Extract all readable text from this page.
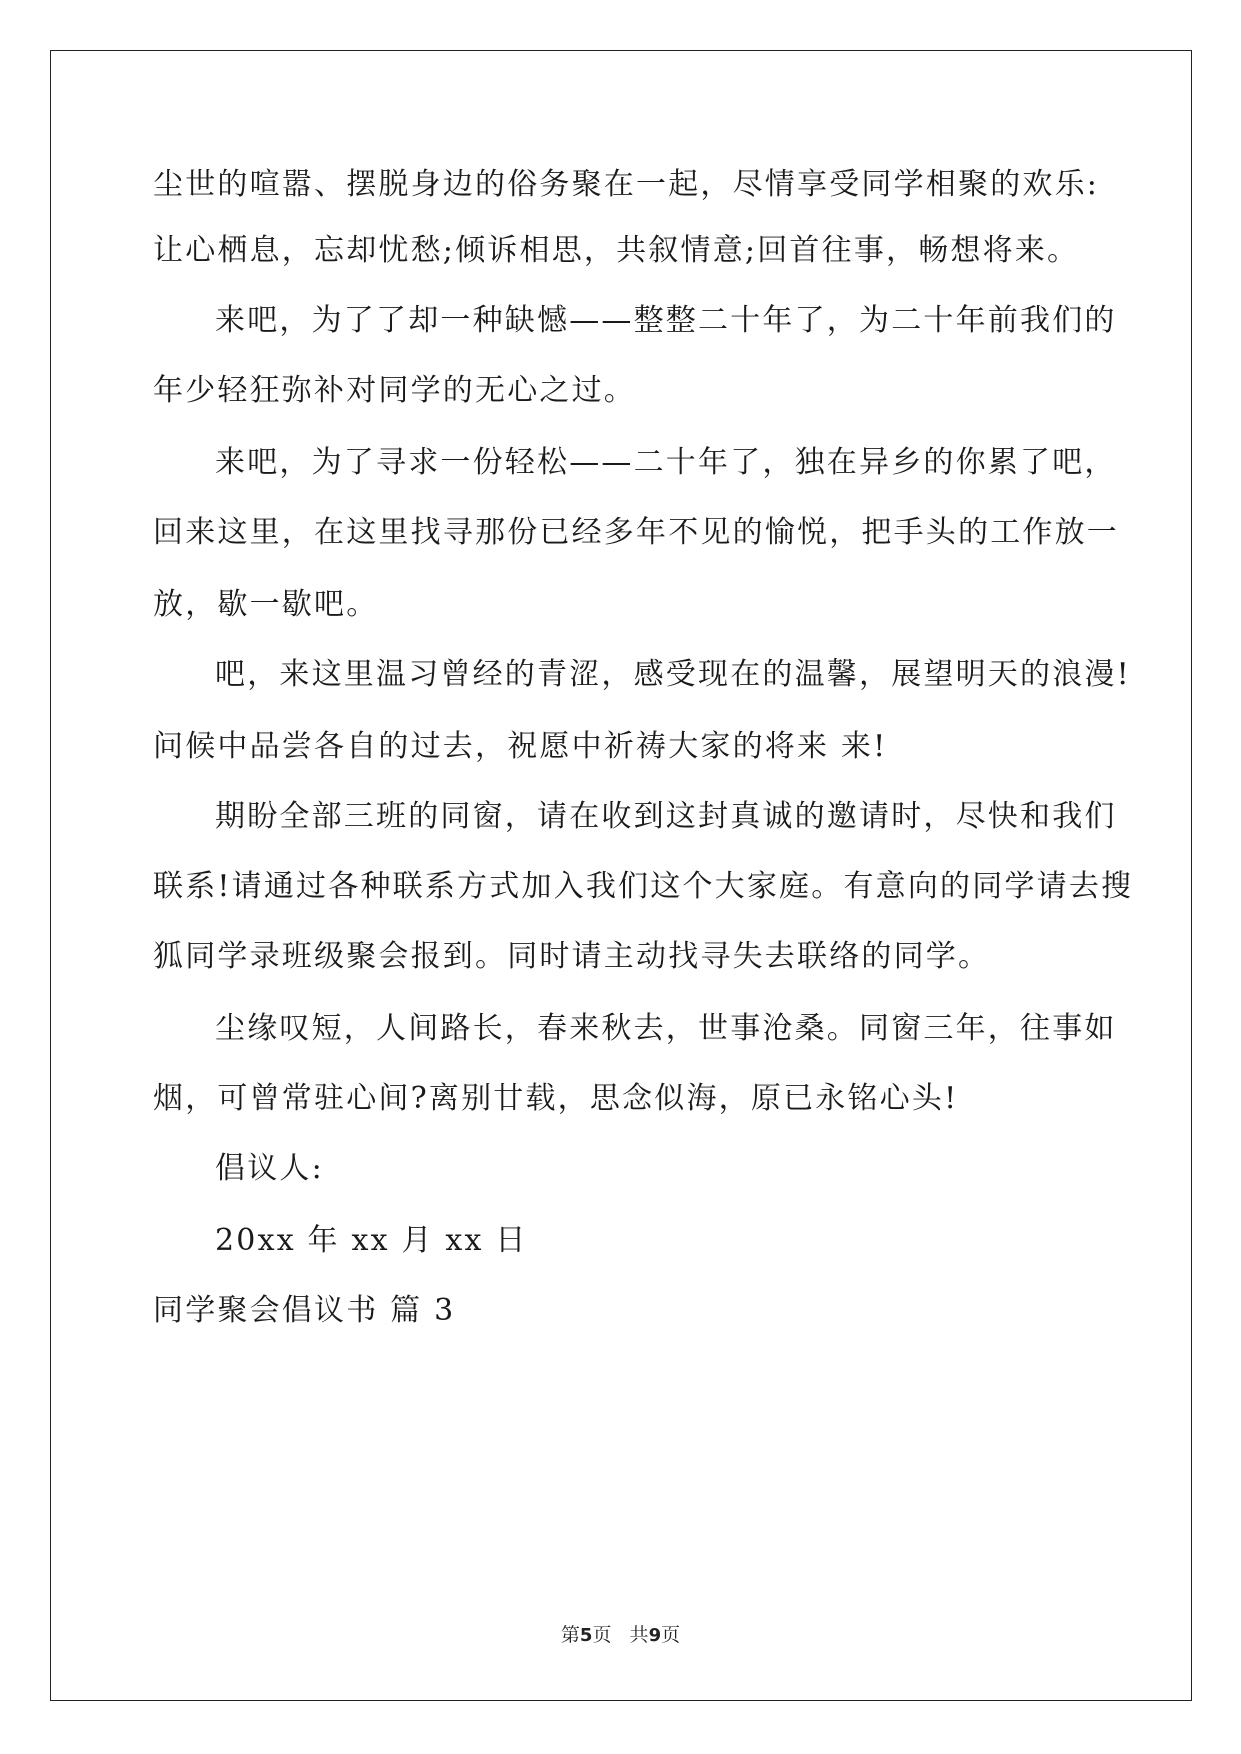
尘世的喧嚣、摆脱身边的俗务聚在一起，尽情享受同学相聚的欢乐:
让心栖息，忘却忧愁;倾诉相思，共叙情意;回首往事，畅想将来。
来吧，为了了却一种缺憾——整整二十年了，为二十年前我们的
年少轻狂弥补对同学的无心之过。
来吧，为了寻求一份轻松——二十年了，独在异乡的你累了吧，
回来这里，在这里找寻那份已经多年不见的愉悦，把手头的工作放一
放，歇一歇吧。
吧，来这里温习曾经的青涩，感受现在的温馨，展望明天的浪漫!
问候中品尝各自的过去，祝愿中祈祷大家的将来 来!
期盼全部三班的同窗，请在收到这封真诚的邀请时，尽快和我们
联系!请通过各种联系方式加入我们这个大家庭。有意向的同学请去搜
狐同学录班级聚会报到。同时请主动找寻失去联络的同学。
尘缘叹短，人间路长，春来秋去，世事沧桑。同窗三年，往事如
烟，可曾常驻心间?离别廿载，思念似海，原已永铭心头!
倡议人:
20xx 年 xx 月 xx 日
同学聚会倡议书 篇 3
第5页   共9页
